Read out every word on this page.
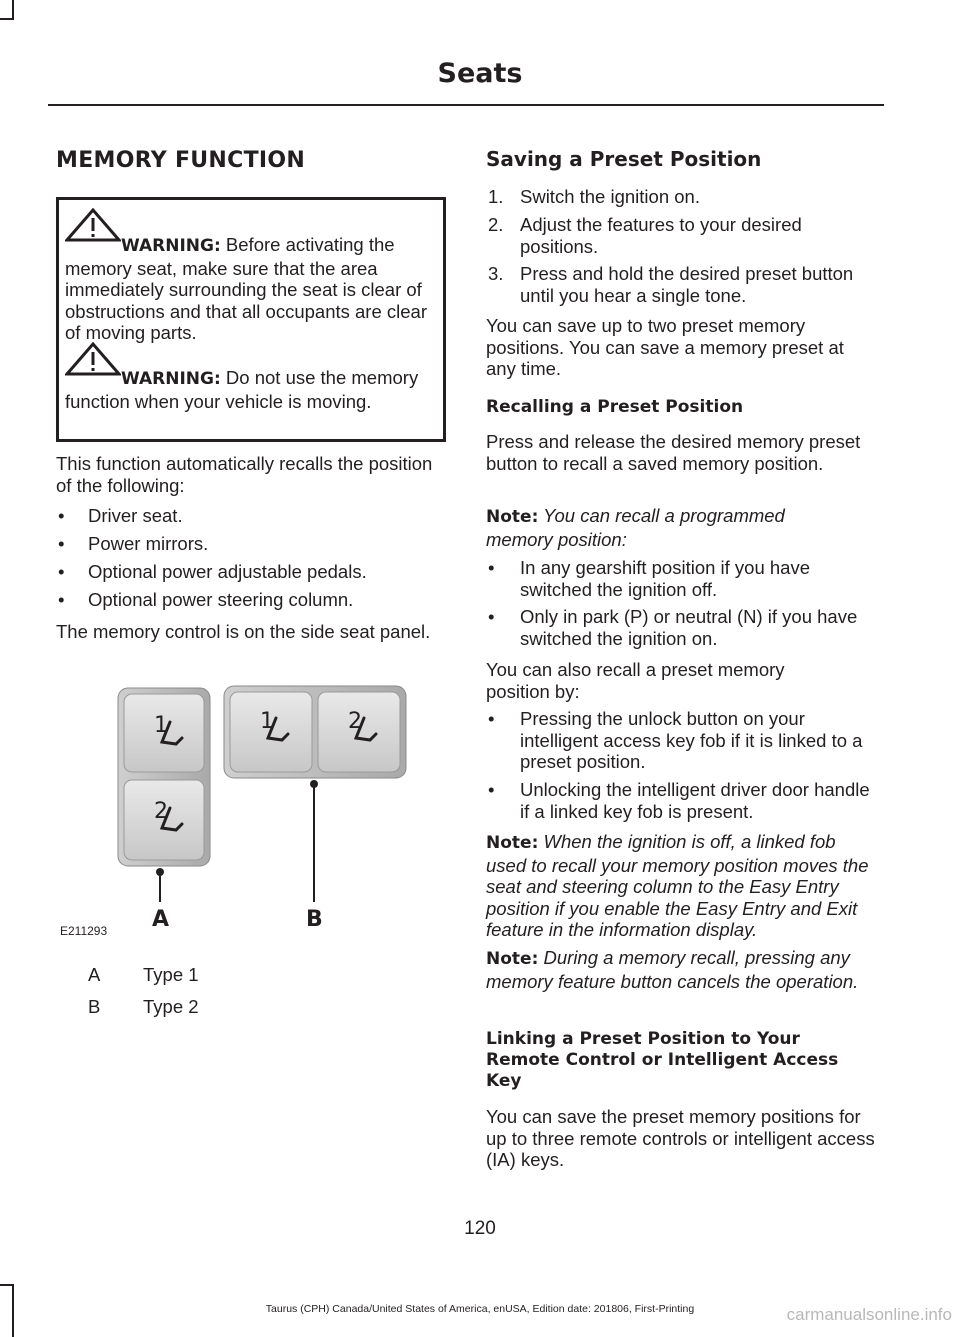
Seats
MEMORY FUNCTION
WARNING: Before activating the memory seat, make sure that the area immediately surrounding the seat is clear of obstructions and that all occupants are clear of moving parts.
WARNING: Do not use the memory function when your vehicle is moving.

This function automatically recalls the position of the following:

• Driver seat.
• Power mirrors.
• Optional power adjustable pedals.
• Optional power steering column.

The memory control is on the side seat panel.

1
2
1	2
A	B
E211293
A Type 1
B Type 2
Saving a Preset Position
1. Switch the ignition on.
2. Adjust the features to your desired positions.
3. Press and hold the desired preset button until you hear a single tone.

You can save up to two preset memory positions. You can save a memory preset at any time.

Recalling a Preset Position

Press and release the desired memory preset button to recall a saved memory position.

Note: You can recall a programmed memory position:

• In any gearshift position if you have switched the ignition off.
• Only in park (P) or neutral (N) if you have switched the ignition on.

You can also recall a preset memory position by:

• Pressing the unlock button on your intelligent access key fob if it is linked to a preset position.
• Unlocking the intelligent driver door handle if a linked key fob is present.

Note: When the ignition is off, a linked fob used to recall your memory position moves the seat and steering column to the Easy Entry position if you enable the Easy Entry and Exit feature in the information display.

Note: During a memory recall, pressing any memory feature button cancels the operation.

Linking a Preset Position to Your Remote Control or Intelligent Access Key

You can save the preset memory positions for up to three remote controls or intelligent access (IA) keys.

120
Taurus (CPH) Canada/United States of America, enUSA, Edition date: 201806, First-Printing	carmanualsonline.info
